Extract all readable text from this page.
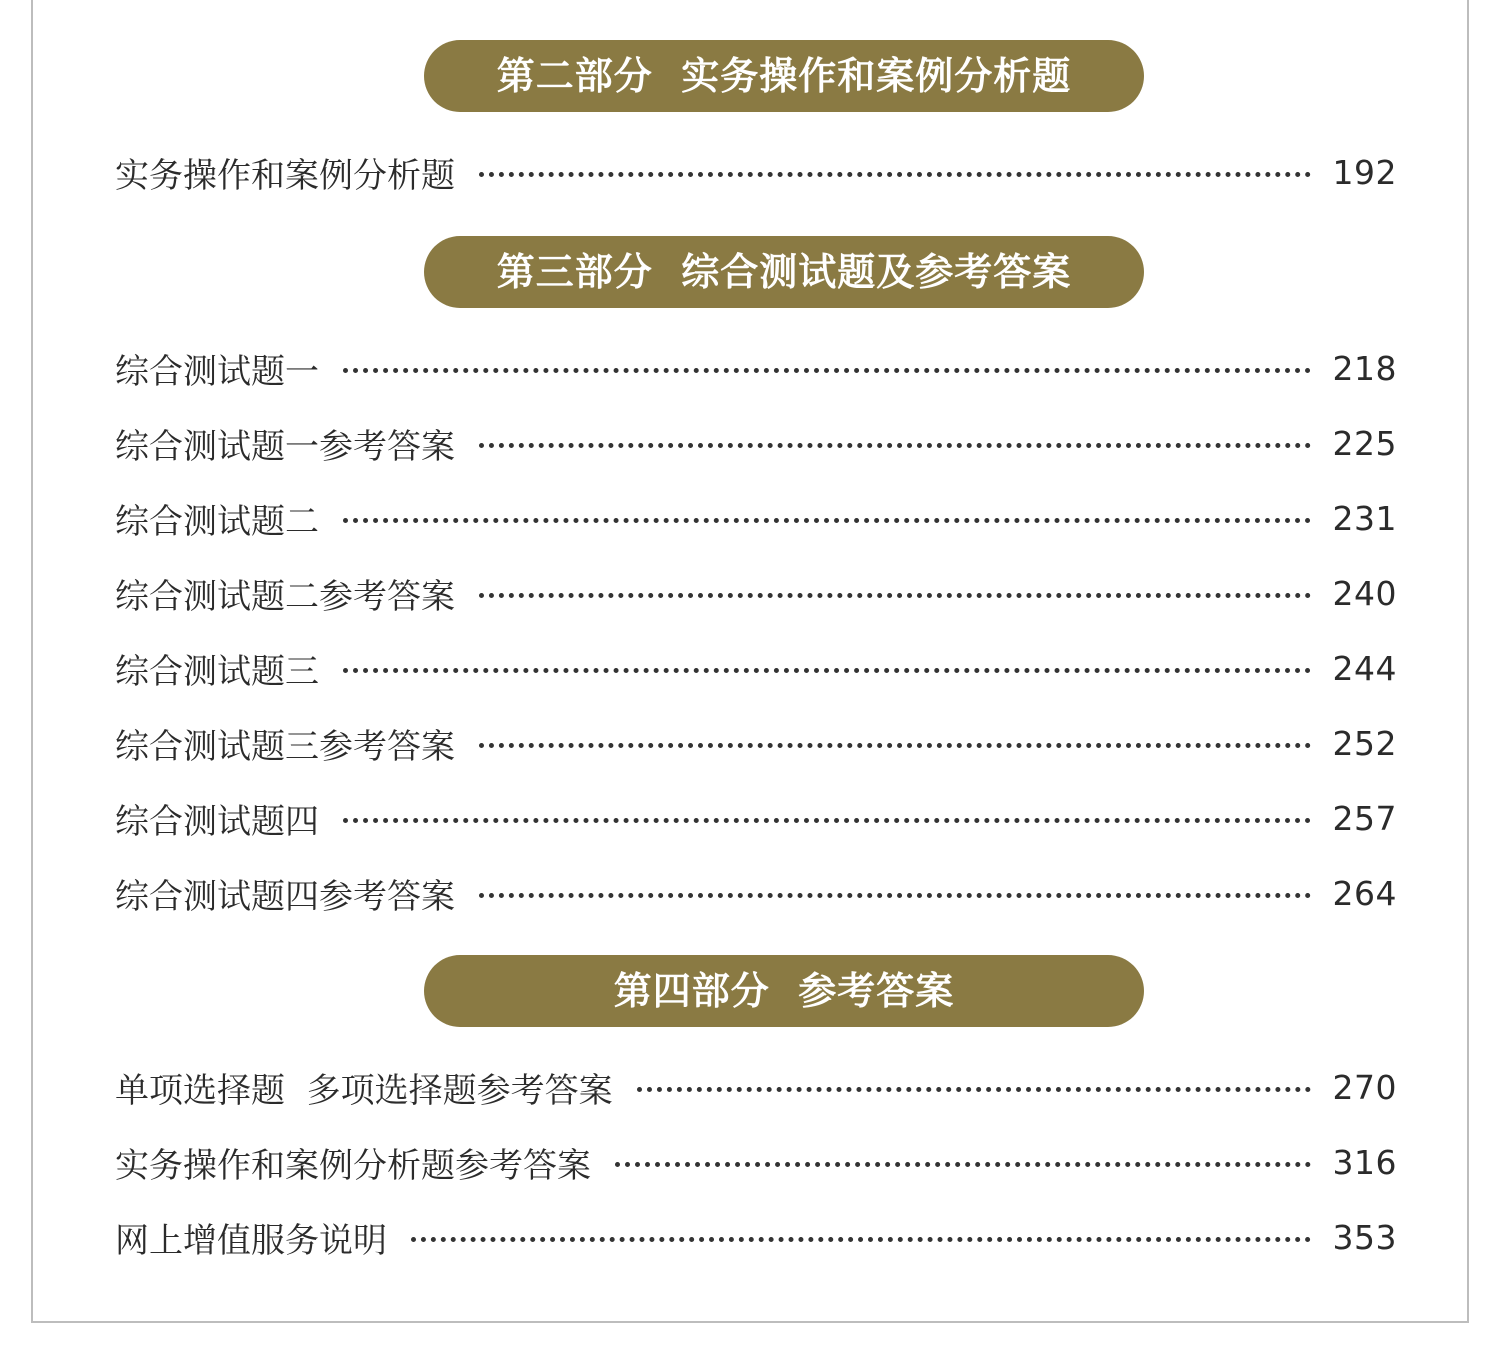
第二部分  实务操作和案例分析题
实务操作和案例分析题	192
第三部分  综合测试题及参考答案
综合测试题一	218
综合测试题一参考答案	225
综合测试题二	231
综合测试题二参考答案	240
综合测试题三	244
综合测试题三参考答案	252
综合测试题四	257
综合测试题四参考答案	264
第四部分  参考答案
单项选择题  多项选择题参考答案	270
实务操作和案例分析题参考答案	316
网上增值服务说明	353
